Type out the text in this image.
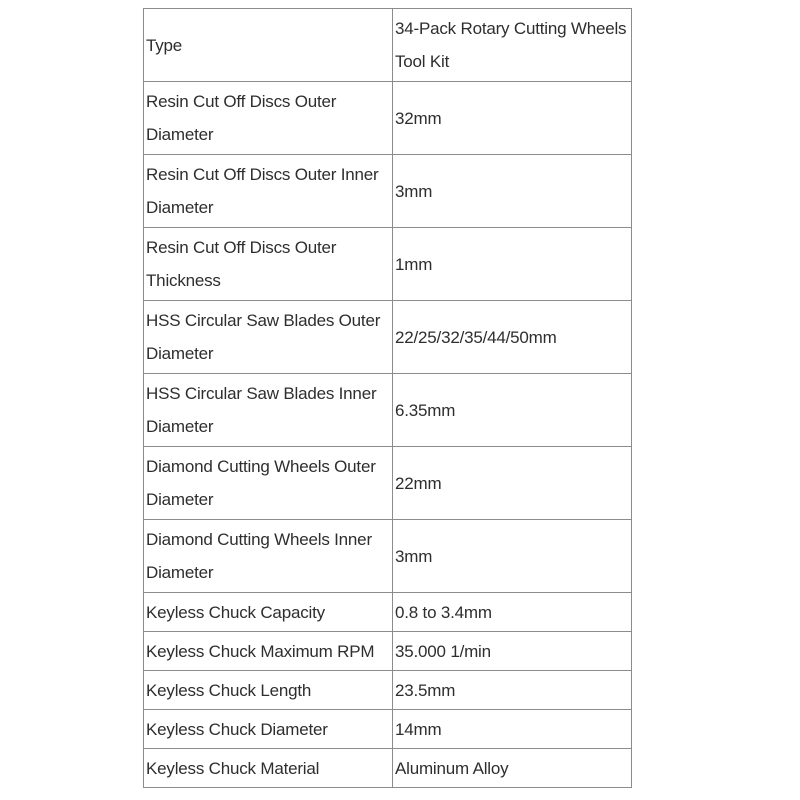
Type	34-Pack Rotary Cutting Wheels Tool Kit
Resin Cut Off Discs Outer Diameter	32mm
Resin Cut Off Discs Outer Inner Diameter	3mm
Resin Cut Off Discs Outer Thickness	1mm
HSS Circular Saw Blades Outer Diameter	22/25/32/35/44/50mm
HSS Circular Saw Blades Inner Diameter	6.35mm
Diamond Cutting Wheels Outer Diameter	22mm
Diamond Cutting Wheels Inner Diameter	3mm
Keyless Chuck Capacity	0.8 to 3.4mm
Keyless Chuck Maximum RPM	35.000 1/min
Keyless Chuck Length	23.5mm
Keyless Chuck Diameter	14mm
Keyless Chuck Material	Aluminum Alloy
